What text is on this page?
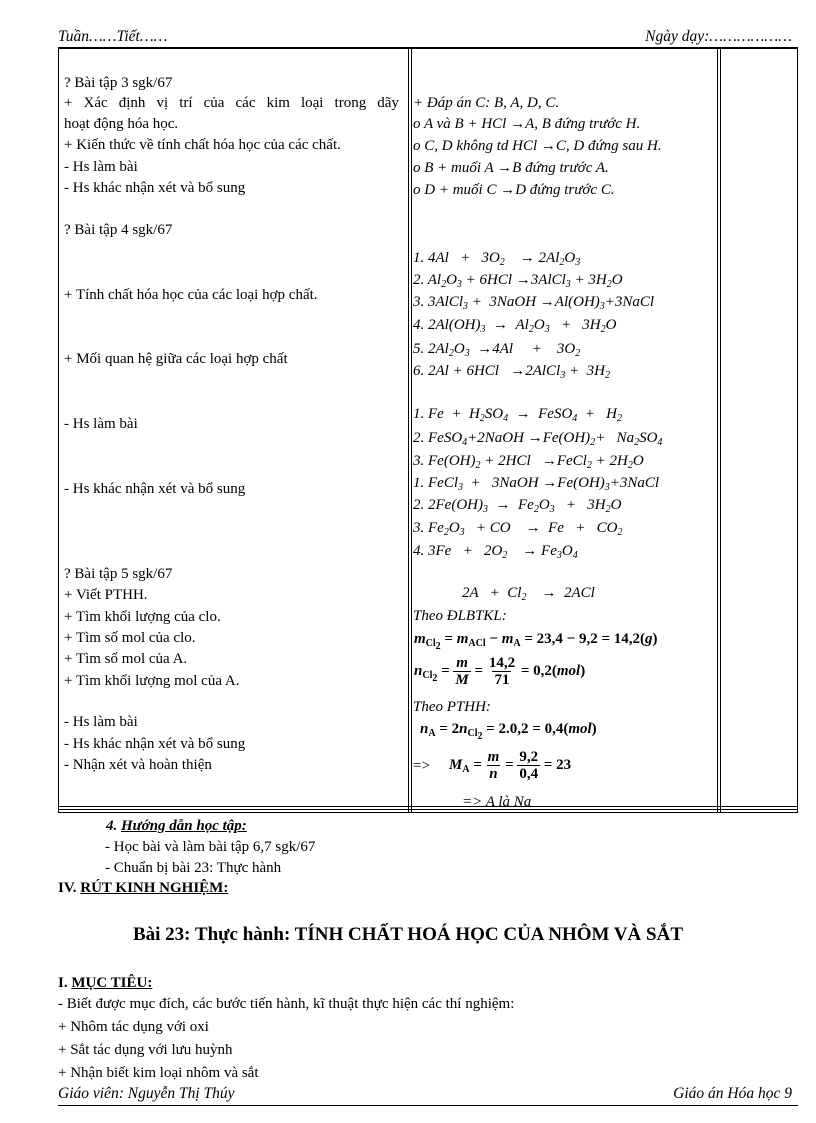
Tuần……Tiết……	Ngày dạy:………………
? Bài tập 3 sgk/67
+ Xác định vị trí của các kim loại trong dãy
hoạt động hóa học.
+ Kiến thức về tính chất hóa học của các chất.
- Hs làm bài
- Hs khác nhận xét và bổ sung
? Bài tập 4 sgk/67
+ Tính chất hóa học của các loại hợp chất.
+ Mối quan hệ giữa các loại hợp chất
- Hs làm bài
- Hs khác nhận xét và bổ sung
? Bài tập 5 sgk/67
+ Viết PTHH.
+ Tìm khối lượng của clo.
+ Tìm số mol của clo.
+ Tìm số mol của A.
+ Tìm khối lượng mol của A.
- Hs làm bài
- Hs khác nhận xét và bổ sung
- Nhận xét và hoàn thiện
+ Đáp án C: B, A, D, C.
o A và B + HCl →A, B đứng trước H.
o C, D không td HCl →C, D đứng sau H.
o B + muối A →B đứng trước A.
o D + muối C →D đứng trước C.
1. $4Al + 3O_2$    → $2Al_2O_3$
2. $Al_2O_3 + 6HCl$ →3AlCl$_3$ + $3H_2O$
3. 3AlCl$_3$ +  3NaOH $\to Al(OH)_3+3NaCl$
4. $2Al(OH)_3 \to Al_2O_3 + 3H_2O$
5. $2Al_2O_3 \to 4Al$     +    $3O_2$
6. 2Al + 6HCl   →2AlCl$_3$ +  $3H_2$
1. $Fe + H_2SO_4$  →  FeSO$_4$  +   $H_2$
2. FeSO$_4$+2NaOH $\to Fe(OH)_2+ Na_2SO_4$
3. $Fe(OH)_2 + 2HCl$   →FeCl$_2$ + $2H_2O$
1. FeCl$_3$  +   3NaOH $\to Fe(OH)_3+3NaCl$
2. $2Fe(OH)_3 \to Fe_2O_3 + 3H_2O$
3. $Fe_2O_3$   + CO    →  $Fe + CO_2$
4. $3Fe + 2O_2$    → $Fe_3O_4$
$2A + Cl_2$    →  2ACl
Theo ĐLBTKL:
$m_{Cl_2} = m_{ACl} - m_A = 23,4 - 9,2 = 14,2(g)$
$n_{Cl_2} = \frac{m}{M} = \frac{14,2}{71} = 0,2(mol)$
Theo PTHH:
$n_A = 2n_{Cl_2} = 2.0,2 = 0,4(mol)$
=> $M_A = \frac{m}{n} = \frac{9,2}{0,4} = 23$
=> A là Na
4. Hướng dẫn học tập:
- Học bài và làm bài tập 6,7 sgk/67
- Chuẩn bị bài 23: Thực hành
IV. RÚT KINH NGHIỆM:
Bài 23: Thực hành: TÍNH CHẤT HOÁ HỌC CỦA NHÔM VÀ SẮT
I. MỤC TIÊU:
- Biết được mục đích, các bước tiến hành, kĩ thuật thực hiện các thí nghiệm:
+ Nhôm tác dụng với oxi
+ Sắt tác dụng với lưu huỳnh
+ Nhận biết kim loại nhôm và sắt
Giáo viên: Nguyễn Thị Thúy	Giáo án Hóa học 9
